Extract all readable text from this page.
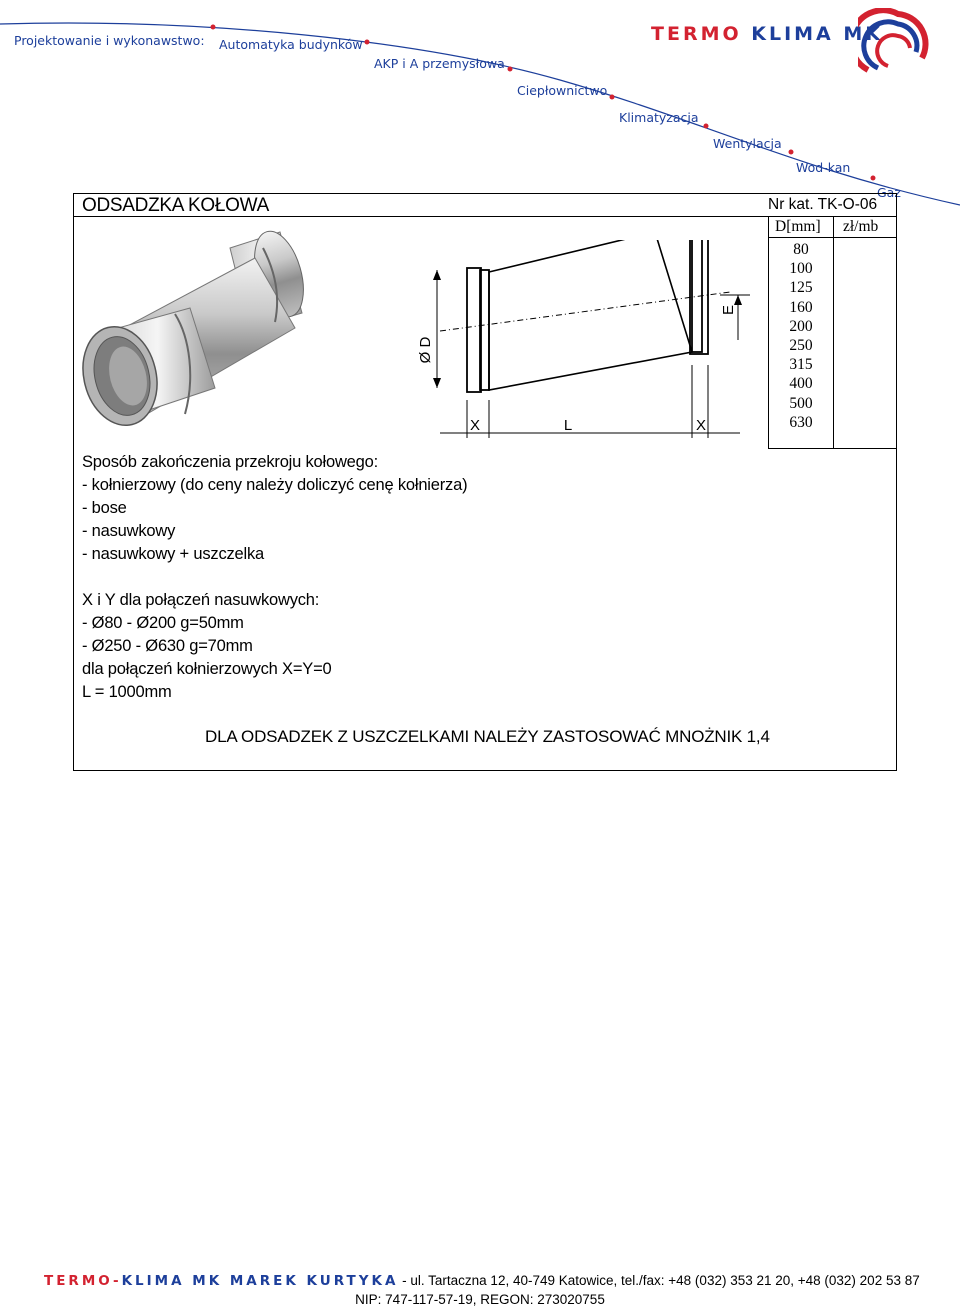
Projektowanie i wykonawstwo: Automatyka budynków
AKP i A przemysłowa
Ciepłownictwo
Klimatyzacja
Wentylacja
Wod-kan
Gaz
TERMO KLIMA MK
ODSADZKA KOŁOWA	Nr kat. TK-O-06
D[mm] zł/mb
80
100
125
160
200
250
315
400
500
630
Ø D
E
X	L	X
Sposób zakończenia przekroju kołowego:
- kołnierzowy (do ceny należy doliczyć cenę kołnierza)
- bose
- nasuwkowy
- nasuwkowy + uszczelka
X i Y dla połączeń nasuwkowych:
- Ø80 - Ø200 g=50mm
- Ø250 - Ø630 g=70mm
dla połączeń kołnierzowych X=Y=0
L = 1000mm
DLA ODSADZEK Z USZCZELKAMI NALEŻY ZASTOSOWAĆ MNOŻNIK 1,4
TERMO-KLIMA MK MAREK KURTYKA - ul. Tartaczna 12, 40-749 Katowice, tel./fax: +48 (032) 353 21 20, +48 (032) 202 53 87
NIP: 747-117-57-19, REGON: 273020755
